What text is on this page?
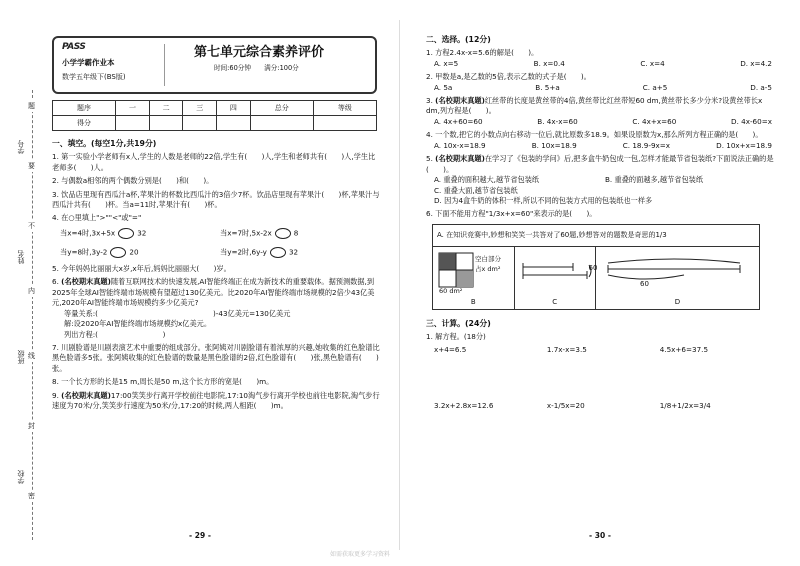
学号
姓名
班级
学校
题
要
不
内
线
封
密
PASS
小学学霸作业本
数学五年级下(BS版)
第七单元综合素养评价
时间:60分钟　　满分:100分
题序	一	二	三	四	总分	等级
得分						
一、填空。(每空1分,共19分)
1. 第一实验小学老师有x人,学生的人数是老师的22倍,学生有(　　)人,学生和老师共有(　　)人,学生比老师多(　　)人。
2. 与偶数a相邻的两个偶数分别是(　　)和(　　)。
3. 饮品店里现有西瓜汁a杯,苹果汁的杯数比西瓜汁的3倍少7杯。饮品店里现有苹果汁(　　)杯,苹果汁与西瓜汁共有(　　)杯。当a=11时,苹果汁有(　　)杯。
4. 在○里填上">""<"或"="
当x=4时,3x+5x	32	当x=7时,5x-2x	8
当y=8时,3y-2	20	当y=2时,6y-y	32
5. 今年妈妈比丽丽大x岁,x年后,妈妈比丽丽大(　　)岁。
6. (名校期末真题)随着互联网技术的快速发展,AI智能终端正在成为新技术的重要载体。据预测数据,到2025年全球AI智能终端市场规模有望超过130亿美元。比2020年AI智能终端市场规模的2倍少43亿美元,2020年AI智能终端市场规模约多少亿美元?
等量关系:(　　　　　　　　　　　　　　　　)-43亿美元=130亿美元
解:设2020年AI智能终端市场规模约x亿美元。
列出方程:(　　　　　　　　　)
7. 川剧脸谱是川剧表演艺术中重要的组成部分。张阿姨对川剧脸谱有着浓厚的兴趣,她收集的红色脸谱比黑色脸谱多5张。张阿姨收集的红色脸谱的数量是黑色脸谱的2倍,红色脸谱有(　　)张,黑色脸谱有(　　)张。
8. 一个长方形的长是15 m,周长是50 m,这个长方形的宽是(　　)m。
9. (名校期末真题)17:00笑笑步行离开学校前往电影院,17:10淘气步行离开学校也前往电影院,淘气步行速度为70米/分,笑笑步行速度为50米/分,17:20的时候,两人相距(　　)m。
- 29 -
二、选择。(12分)
1. 方程2.4x-x=5.6的解是(　　)。
A. x=5	B. x=0.4	C. x=4	D. x=4.2
2. 甲数是a,是乙数的5倍,表示乙数的式子是(　　)。
A. 5a	B. 5+a	C. a+5	D. a-5
3. (名校期末真题)红丝带的长度是黄丝带的4倍,黄丝带比红丝带短60 dm,黄丝带长多少分米?设黄丝带长x dm,列方程是(　　)。
A. 4x+60=60	B. 4x-x=60	C. 4x+x=60	D. 4x-60=x
4. 一个数,把它的小数点向右移动一位后,就比原数多18.9。如果设原数为x,那么所列方程正确的是(　　)。
A. 10x-x=18.9	B. 10x=18.9	C. 18.9-9x=x	D. 10x+x=18.9
5. (名校期末真题)在学习了《包装的学问》后,把多盒牛奶包成一包,怎样才能最节省包装纸?下面说法正确的是(　　)。
A. 重叠的面积越大,越节省包装纸	B. 重叠的面越多,越节省包装纸
C. 重叠大面,越节省包装纸
D. 因为4盒牛奶的体积一样,所以不同的包装方式用的包装纸也一样多
6. 下面不能用方程"1/3x+x=60"来表示的是(　　)。
A. 在知识竞赛中,妙想和笑笑一共答对了60题,妙想答对的题数是奇思的1/3
空白部分
占x dm²
60 dm²
B
60
C
60
D
三、计算。(24分)
1. 解方程。(18分)
x+4=6.5	1.7x-x=3.5	4.5x+6=37.5
3.2x+2.8x=12.6	x-1/5x=20	1/8+1/2x=3/4
- 30 -
如需获取更多学习资料
